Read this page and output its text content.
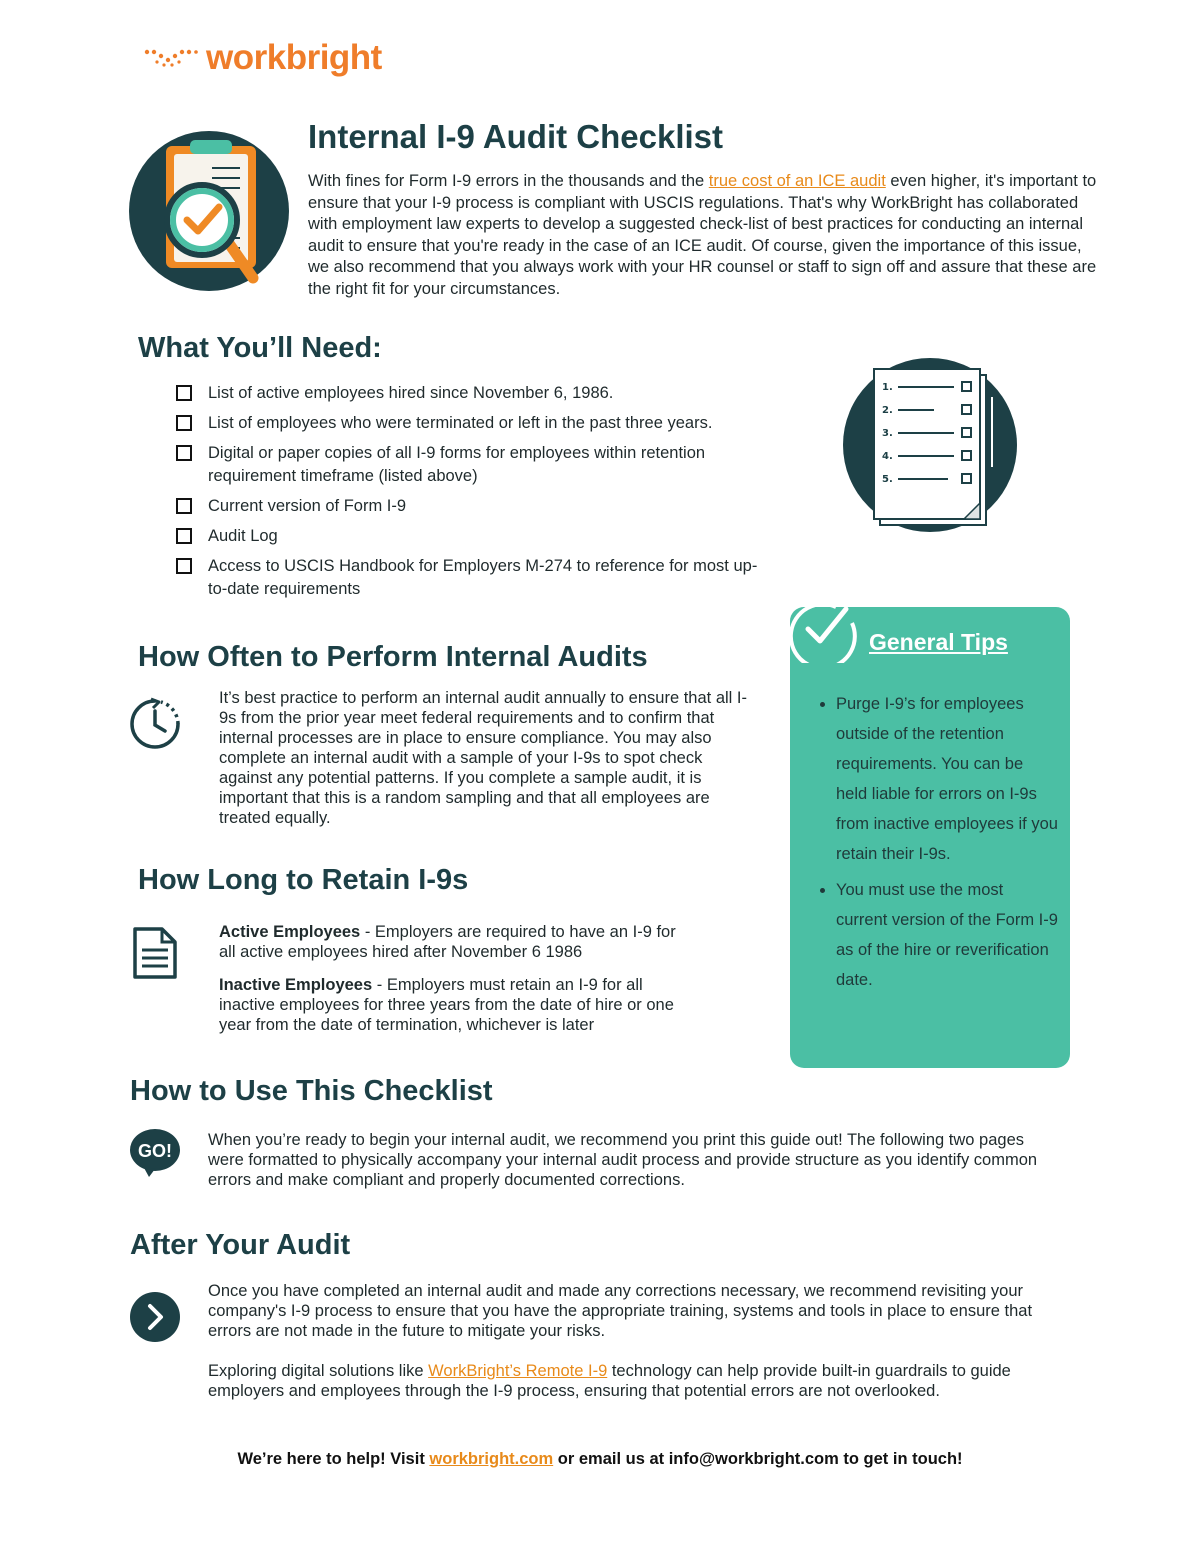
workbright
Internal I-9 Audit Checklist

With fines for Form I-9 errors in the thousands and the true cost of an ICE audit even higher, it's important to ensure that your I-9 process is compliant with USCIS regulations. That's why WorkBright has collaborated with employment law experts to develop a suggested check-list of best practices for conducting an internal audit to ensure that you're ready in the case of an ICE audit. Of course, given the importance of this issue, we also recommend that you always work with your HR counsel or staff to sign off and assure that these are the right fit for your circumstances.

What You’ll Need:
List of active employees hired since November 6, 1986.
List of employees who were terminated or left in the past three years.
Digital or paper copies of all I-9 forms for employees within retention requirement timeframe (listed above)
Current version of Form I-9
Audit Log
Access to USCIS Handbook for Employers M-274 to reference for most up-to-date requirements
1.
2.
3.
4.
5.
How Often to Perform Internal Audits

It’s best practice to perform an internal audit annually to ensure that all I-9s from the prior year meet federal requirements and to confirm that internal processes are in place to ensure compliance. You may also complete an internal audit with a sample of your I-9s to spot check against any potential patterns. If you complete a sample audit, it is important that this is a random sampling and that all employees are treated equally.

How Long to Retain I-9s

Active Employees - Employers are required to have an I-9 for all active employees hired after November 6 1986

Inactive Employees - Employers must retain an I-9 for all inactive employees for three years from the date of hire or one year from the date of termination, whichever is later

General Tips
• Purge I-9’s for employees outside of the retention requirements. You can be held liable for errors on I-9s from inactive employees if you retain their I-9s.
• You must use the most current version of the Form I-9 as of the hire or reverification date.
How to Use This Checklist
GO!

When you’re ready to begin your internal audit, we recommend you print this guide out! The following two pages were formatted to physically accompany your internal audit process and provide structure as you identify common errors and make compliant and properly documented corrections.

After Your Audit

Once you have completed an internal audit and made any corrections necessary, we recommend revisiting your company's I-9 process to ensure that you have the appropriate training, systems and tools in place to ensure that errors are not made in the future to mitigate your risks.

Exploring digital solutions like WorkBright’s Remote I-9 technology can help provide built-in guardrails to guide employers and employees through the I-9 process, ensuring that potential errors are not overlooked.

We’re here to help! Visit workbright.com or email us at info@workbright.com to get in touch!
